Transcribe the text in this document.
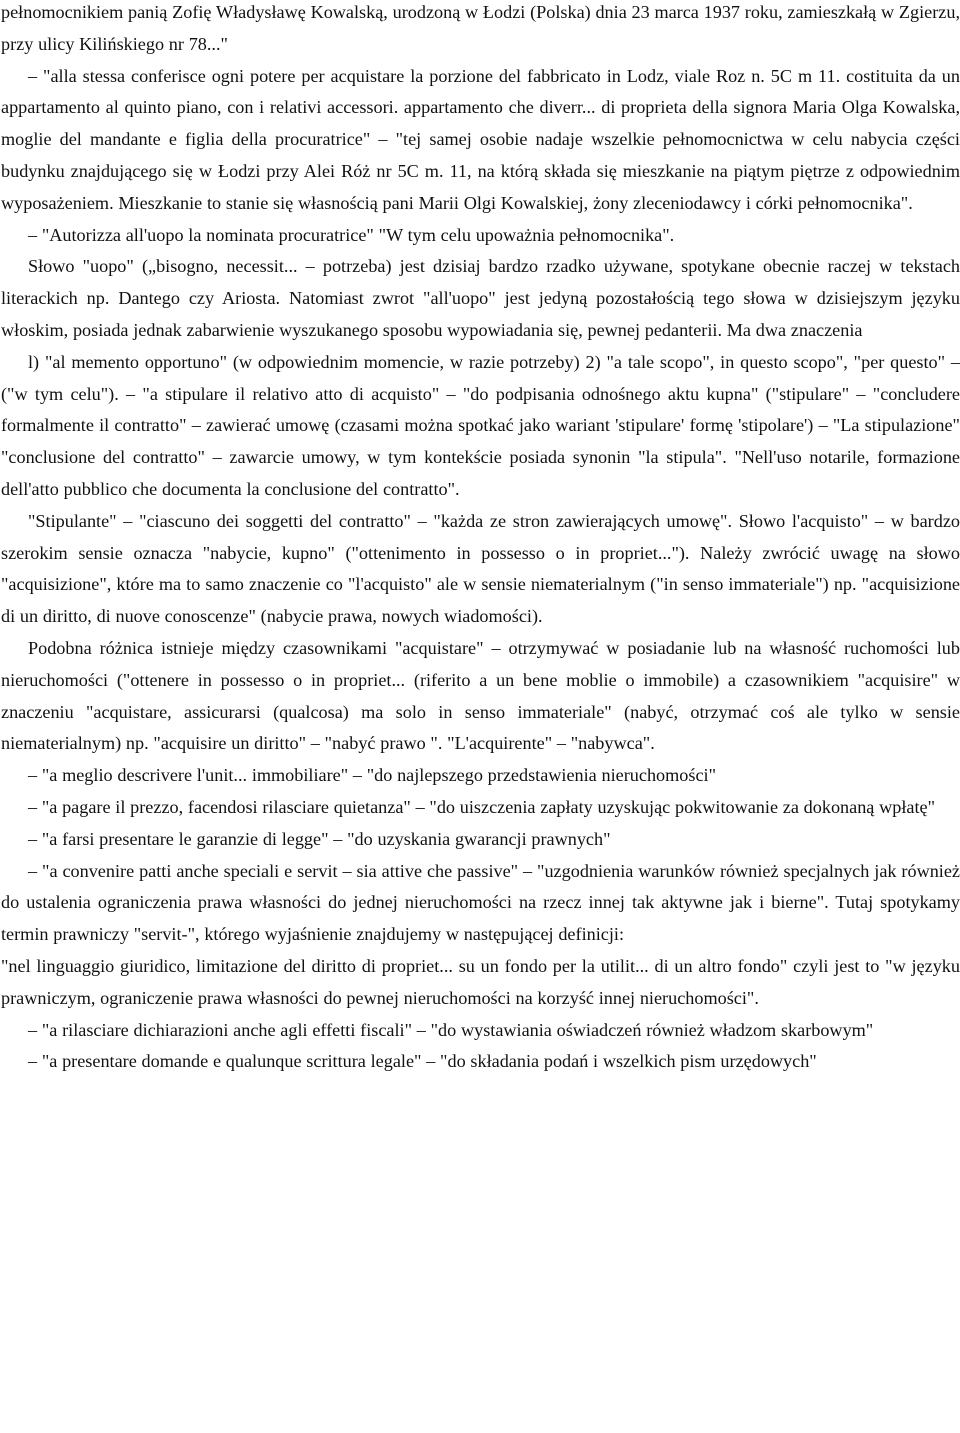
pełnomocnikiem panią Zofię Władysławę Kowalską, urodzoną w Łodzi (Polska) dnia 23 marca 1937 roku, zamieszkałą w Zgierzu, przy ulicy Kilińskiego nr 78..."

– "alla stessa conferisce ogni potere per acquistare la porzione del fabbricato in Lodz, viale Roz n. 5C m 11. costituita da un appartamento al quinto piano, con i relativi accessori. appartamento che diverr... di proprieta della signora Maria Olga Kowalska, moglie del mandante e figlia della procuratrice" – "tej samej osobie nadaje wszelkie pełnomocnictwa w celu nabycia części budynku znajdującego się w Łodzi przy Alei Róż nr 5C m. 11, na którą składa się mieszkanie na piątym piętrze z odpowiednim wyposażeniem. Mieszkanie to stanie się własnością pani Marii Olgi Kowalskiej, żony zleceniodawcy i córki pełnomocnika".

– "Autorizza all'uopo la nominata procuratrice" "W tym celu upoważnia pełnomocnika".

Słowo "uopo" („bisogno, necessit... – potrzeba) jest dzisiaj bardzo rzadko używane, spotykane obecnie raczej w tekstach literackich np. Dantego czy Ariosta. Natomiast zwrot "all'uopo" jest jedyną pozostałością tego słowa w dzisiejszym języku włoskim, posiada jednak zabarwienie wyszukanego sposobu wypowiadania się, pewnej pedanterii. Ma dwa znaczenia

l) "al memento opportuno" (w odpowiednim momencie, w razie potrzeby) 2) "a tale scopo", in questo scopo", "per questo" – ("w tym celu"). – "a stipulare il relativo atto di acquisto" – "do podpisania odnośnego aktu kupna" ("stipulare" – "concludere formalmente il contratto" – zawierać umowę (czasami można spotkać jako wariant 'stipulare' formę 'stipolare') – "La stipulazione" "conclusione del contratto" – zawarcie umowy, w tym kontekście posiada synonin "la stipula". "Nell'uso notarile, formazione dell'atto pubblico che documenta la conclusione del contratto".

"Stipulante" – "ciascuno dei soggetti del contratto" – "każda ze stron zawierających umowę". Słowo l'acquisto" – w bardzo szerokim sensie oznacza "nabycie, kupno" ("ottenimento in possesso o in propriet..."). Należy zwrócić uwagę na słowo "acquisizione", które ma to samo znaczenie co "l'acquisto" ale w sensie niematerialnym ("in senso immateriale") np. "acquisizione di un diritto, di nuove conoscenze" (nabycie prawa, nowych wiadomości).

Podobna różnica istnieje między czasownikami "acquistare" – otrzymywać w posiadanie lub na własność ruchomości lub nieruchomości ("ottenere in possesso o in propriet... (riferito a un bene moblie o immobile) a czasownikiem "acquisire" w znaczeniu "acquistare, assicurarsi (qualcosa) ma solo in senso immateriale" (nabyć, otrzymać coś ale tylko w sensie niematerialnym) np. "acquisire un diritto" – "nabyć prawo ". "L'acquirente" – "nabywca".

– "a meglio descrivere l'unit... immobiliare" – "do najlepszego przedstawienia nieruchomości"

– "a pagare il prezzo, facendosi rilasciare quietanza" – "do uiszczenia zapłaty uzyskując pokwitowanie za dokonaną wpłatę"

– "a farsi presentare le garanzie di legge" – "do uzyskania gwarancji prawnych"

– "a convenire patti anche speciali e servit – sia attive che passive" – "uzgodnienia warunków również specjalnych jak również do ustalenia ograniczenia prawa własności do jednej nieruchomości na rzecz innej tak aktywne jak i bierne". Tutaj spotykamy termin prawniczy "servit-", którego wyjaśnienie znajdujemy w następującej definicji:

"nel linguaggio giuridico, limitazione del diritto di propriet... su un fondo per la utilit... di un altro fondo" czyli jest to "w języku prawniczym, ograniczenie prawa własności do pewnej nieruchomości na korzyść innej nieruchomości".

– "a rilasciare dichiarazioni anche agli effetti fiscali" – "do wystawiania oświadczeń również władzom skarbowym"

– "a presentare domande e qualunque scrittura legale" – "do składania podań i wszelkich pism urzędowych"
